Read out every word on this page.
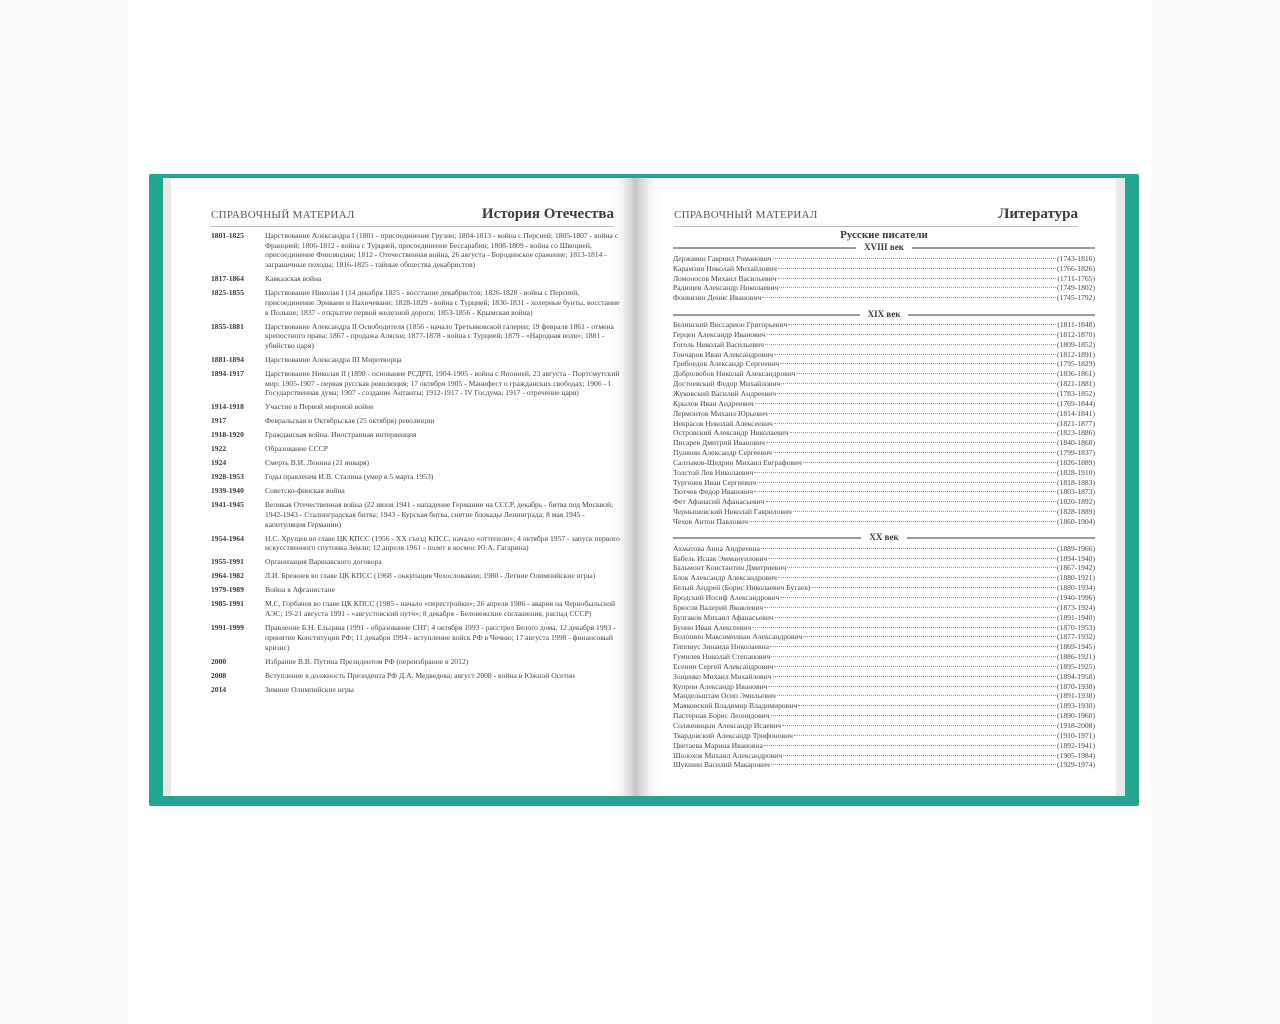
СПРАВОЧНЫЙ МАТЕРИАЛ	История Отечества
1801-1825	Царствование Александра I (1801 - присоединение Грузии; 1804-1813 - война с Персией; 1805-1807 - война с Францией; 1806-1812 - война с Турцией, присоединение Бессарабии; 1808-1809 - война со Швецией, присоединение Финляндии; 1812 - Отечественная война, 26 августа - Бородинское сражение; 1813-1814 - заграничные походы; 1816-1825 - тайные общества декабристов)
1817-1864	Кавказская война
1825-1855	Царствование Николая I (14 декабря 1825 - восстание декабристов; 1826-1828 - война с Персией, присоединение Эривани и Нахичевани; 1828-1829 - война с Турцией; 1830-1831 - холерные бунты, восстание в Польше; 1837 - открытие первой железной дороги; 1853-1856 - Крымская война)
1855-1881	Царствование Александра II Освободителя (1856 - начало Третьяковской галереи; 19 февраля 1861 - отмена крепостного права; 1867 - продажа Аляски; 1877-1878 - война с Турцией; 1879 - «Народная воля»; 1881 - убийство царя)
1881-1894	Царствование Александра III Миротворца
1894-1917	Царствование Николая II (1898 - основание РСДРП, 1904-1905 - война с Японией, 23 августа - Портсмутский мир; 1905-1907 - первая русская революция; 17 октября 1905 - Манифест о гражданских свободах; 1906 - I Государственная дума; 1907 - создание Антанты; 1912-1917 - IV Госдума; 1917 - отречение царя)
1914-1918	Участие в Первой мировой войне
1917	Февральская и Октябрьская (25 октября) революции
1918-1920	Гражданская война. Иностранная интервенция
1922	Образование СССР
1924	Смерть В.И. Ленина (21 января)
1928-1953	Годы правления И.В. Сталина (умер в 5 марта 1953)
1939-1940	Советско-финская война
1941-1945	Великая Отечественная война (22 июня 1941 - нападение Германии на СССР, декабрь - битва под Москвой; 1942-1943 - Сталинградская битва; 1943 - Курская битва, снятие блокады Ленинграда; 8 мая 1945 - капитуляция Германии)
1954-1964	Н.С. Хрущев во главе ЦК КПСС (1956 - XX съезд КПСС, начало «оттепели»; 4 октября 1957 - запуск первого искусственного спутника Земли; 12 апреля 1961 - полет в космос Ю.А. Гагарина)
1955-1991	Организация Варшавского договора
1964-1982	Л.И. Брежнев во главе ЦК КПСС (1968 - оккупация Чехословакии; 1980 - Летние Олимпийские игры)
1979-1989	Война в Афганистане
1985-1991	М.С. Горбачев во главе ЦК КПСС (1985 - начало «перестройки»; 26 апреля 1986 - авария на Чернобыльской АЭС; 19-21 августа 1991 - «августовский путч»; 8 декабря - Беловежские соглашения, распад СССР)
1991-1999	Правление Б.Н. Ельцина (1991 - образование СНГ; 4 октября 1993 - расстрел Белого дома, 12 декабря 1993 - принятие Конституции РФ; 11 декабря 1994 - вступление войск РФ в Чечню; 17 августа 1998 - финансовый кризис)
2000	Избрание В.В. Путина Президентом РФ (переизбрание в 2012)
2008	Вступление в должность Президента РФ Д.А. Медведева; август 2008 - война в Южной Осетии
2014	Зимние Олимпийские игры
СПРАВОЧНЫЙ МАТЕРИАЛ	Литература
Русские писатели
XVIII век
Державин Гавриил Романович	(1743-1816)
Карамзин Николай Михайлович	(1766-1826)
Ломоносов Михаил Васильевич	(1711-1765)
Радищев Александр Николаевич	(1749-1802)
Фонвизин Денис Иванович	(1745-1792)
XIX век
Белинский Виссарион Григорьевич	(1811-1848)
Герцен Александр Иванович	(1812-1870)
Гоголь Николай Васильевич	(1809-1852)
Гончаров Иван Александрович	(1812-1891)
Грибоедов Александр Сергеевич	(1795-1829)
Добролюбов Николай Александрович	(1836-1861)
Достоевский Федор Михайлович	(1821-1881)
Жуковский Василий Андреевич	(1783-1852)
Крылов Иван Андреевич	(1769-1844)
Лермонтов Михаил Юрьевич	(1814-1841)
Некрасов Николай Алексеевич	(1821-1877)
Островский Александр Николаевич	(1823-1886)
Писарев Дмитрий Иванович	(1840-1868)
Пушкин Александр Сергеевич	(1799-1837)
Салтыков-Щедрин Михаил Евграфович	(1826-1889)
Толстой Лев Николаевич	(1828-1910)
Тургенев Иван Сергеевич	(1818-1883)
Тютчев Федор Иванович	(1803-1873)
Фет Афанасий Афанасьевич	(1820-1892)
Чернышевский Николай Гаврилович	(1828-1889)
Чехов Антон Павлович	(1860-1904)
XX век
Ахматова Анна Андреевна	(1889-1966)
Бабель Исаак Эммануилович	(1894-1940)
Бальмонт Константин Дмитриевич	(1867-1942)
Блок Александр Александрович	(1880-1921)
Белый Андрей (Борис Николаевич Бугаев)	(1880-1934)
Бродский Иосиф Александрович	(1940-1996)
Брюсов Валерий Яковлевич	(1873-1924)
Булгаков Михаил Афанасьевич	(1891-1940)
Бунин Иван Алексеевич	(1870-1953)
Волошин Максимилиан Александрович	(1877-1932)
Гиппиус Зинаида Николаевна	(1869-1945)
Гумилев Николай Степанович	(1886-1921)
Есенин Сергей Александрович	(1895-1925)
Зощенко Михаил Михайлович	(1894-1958)
Куприн Александр Иванович	(1870-1938)
Мандельштам Осип Эмильевич	(1891-1938)
Маяковский Владимир Владимирович	(1893-1930)
Пастернак Борис Леонидович	(1890-1960)
Солженицын Александр Исаевич	(1918-2008)
Твардовский Александр Трифонович	(1910-1971)
Цветаева Марина Ивановна	(1892-1941)
Шолохов Михаил Александрович	(1905-1984)
Шукшин Василий Макарович	(1929-1974)
